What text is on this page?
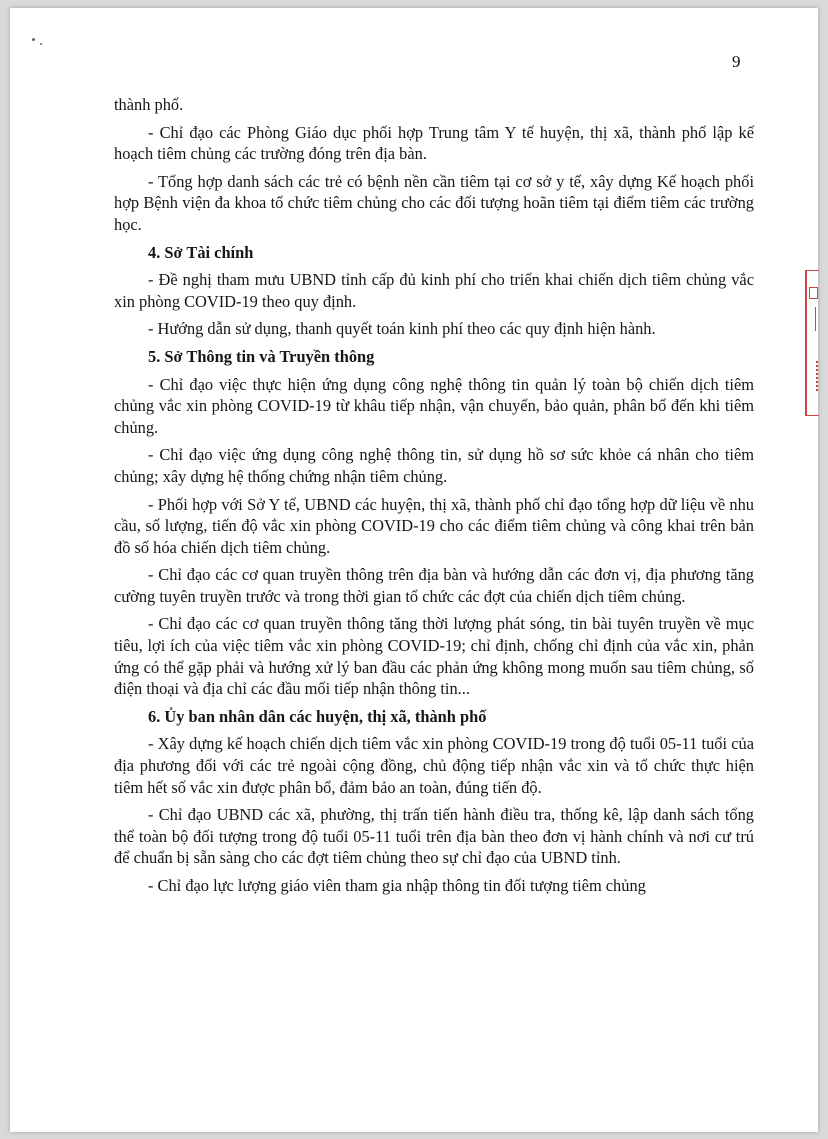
9

thành phố.

- Chỉ đạo các Phòng Giáo dục phối hợp Trung tâm Y tế huyện, thị xã, thành phố lập kế hoạch tiêm chủng các trường đóng trên địa bàn.

- Tổng hợp danh sách các trẻ có bệnh nền cần tiêm tại cơ sở y tế, xây dựng Kế hoạch phối hợp Bệnh viện đa khoa tổ chức tiêm chủng cho các đối tượng hoãn tiêm tại điểm tiêm các trường học.

4. Sở Tài chính

- Đề nghị tham mưu UBND tỉnh cấp đủ kinh phí cho triển khai chiến dịch tiêm chủng vắc xin phòng COVID-19 theo quy định.

- Hướng dẫn sử dụng, thanh quyết toán kinh phí theo các quy định hiện hành.

5. Sở Thông tin và Truyền thông

- Chỉ đạo việc thực hiện ứng dụng công nghệ thông tin quản lý toàn bộ chiến dịch tiêm chủng vắc xin phòng COVID-19 từ khâu tiếp nhận, vận chuyển, bảo quản, phân bổ đến khi tiêm chủng.

- Chỉ đạo việc ứng dụng công nghệ thông tin, sử dụng hồ sơ sức khỏe cá nhân cho tiêm chủng; xây dựng hệ thống chứng nhận tiêm chủng.

- Phối hợp với Sở Y tế, UBND các huyện, thị xã, thành phố chỉ đạo tổng hợp dữ liệu về nhu cầu, số lượng, tiến độ vắc xin phòng COVID-19 cho các điểm tiêm chủng và công khai trên bản đồ số hóa chiến dịch tiêm chủng.

- Chỉ đạo các cơ quan truyền thông trên địa bàn và hướng dẫn các đơn vị, địa phương tăng cường tuyên truyền trước và trong thời gian tổ chức các đợt của chiến dịch tiêm chủng.

- Chỉ đạo các cơ quan truyền thông tăng thời lượng phát sóng, tin bài tuyên truyền về mục tiêu, lợi ích của việc tiêm vắc xin phòng COVID-19; chỉ định, chống chỉ định của vắc xin, phản ứng có thể gặp phải và hướng xử lý ban đầu các phản ứng không mong muốn sau tiêm chủng, số điện thoại và địa chỉ các đầu mối tiếp nhận thông tin...

6. Ủy ban nhân dân các huyện, thị xã, thành phố

- Xây dựng kế hoạch chiến dịch tiêm vắc xin phòng COVID-19 trong độ tuổi 05-11 tuổi của địa phương đối với các trẻ ngoài cộng đồng, chủ động tiếp nhận vắc xin và tổ chức thực hiện tiêm hết số vắc xin được phân bổ, đảm bảo an toàn, đúng tiến độ.

- Chỉ đạo UBND các xã, phường, thị trấn tiến hành điều tra, thống kê, lập danh sách tổng thể toàn bộ đối tượng trong độ tuổi 05-11 tuổi trên địa bàn theo đơn vị hành chính và nơi cư trú để chuẩn bị sẵn sàng cho các đợt tiêm chủng theo sự chỉ đạo của UBND tỉnh.

- Chỉ đạo lực lượng giáo viên tham gia nhập thông tin đối tượng tiêm chủng
